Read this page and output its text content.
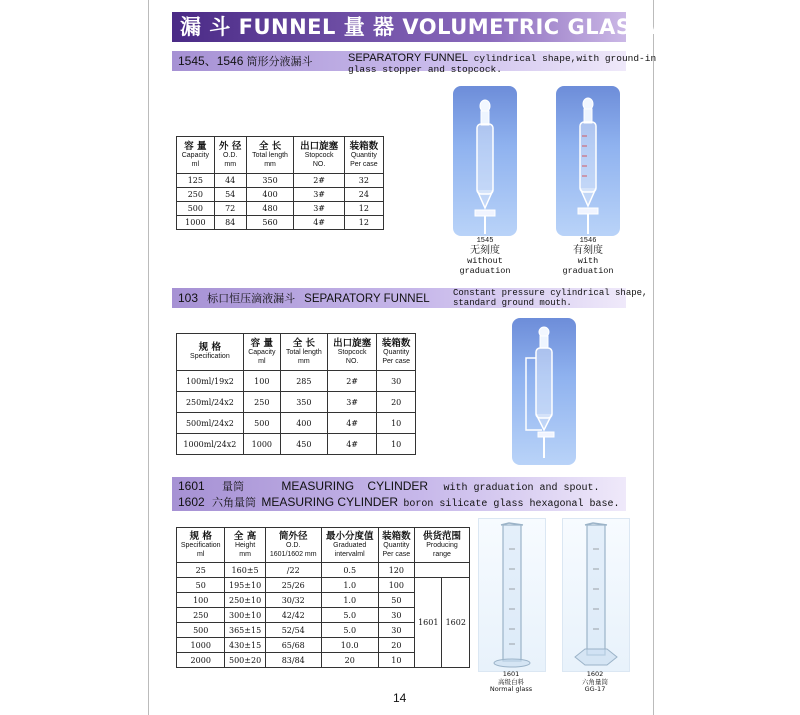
漏 斗 FUNNEL 量 器 VOLUMETRIC GLASSWARE
1545、1546 筒形分液漏斗	SEPARATORY FUNNEL cylindrical shape,with ground-in
glass stopper and stopcock.
容 量
Capacity
ml	外 径
O.D.
mm	全 长
Total length
mm	出口旋塞
Stopcock
NO.	装箱数
Quantity
Per case

125	44	350	2#	32
250	54	400	3#	24
500	72	480	3#	12
1000	84	560	4#	12
1545
无刻度
without
graduation
1546
有刻度
with
graduation
103 标口恒压滴液漏斗 SEPARATORY FUNNEL	Constant pressure cylindrical shape,
standard ground mouth.
规 格
Specification	容 量
Capacity
ml	全 长
Total length
mm	出口旋塞
Stopcock
NO.	装箱数
Quantity
Per case

100ml/19x2	100	285	2#	30
250ml/24x2	250	350	3#	20
500ml/24x2	500	400	4#	10
1000ml/24x2	1000	450	4#	10
1601 量筒	MEASURING    CYLINDER with graduation and spout.
1602 六角量筒 MEASURING CYLINDER boron silicate glass hexagonal base.
规 格
Specification
ml	全 高
Height
mm	筒外径
O.D.
1601/1602 mm	最小分度值
Graduated
intervalml	装箱数
Quantity
Per case	供货范围
Producing
range	

25	160±5	/22	0.5	120		
50	195±10	25/26	1.0	100	1601	1602
100	250±10	30/32	1.0	50		
250	300±10	42/42	5.0	30		
500	365±15	52/54	5.0	30		
1000	430±15	65/68	10.0	20		
2000	500±20	83/84	20	10		
1601
高级白料
Normal glass
1602
六角量筒
GG-17
14
